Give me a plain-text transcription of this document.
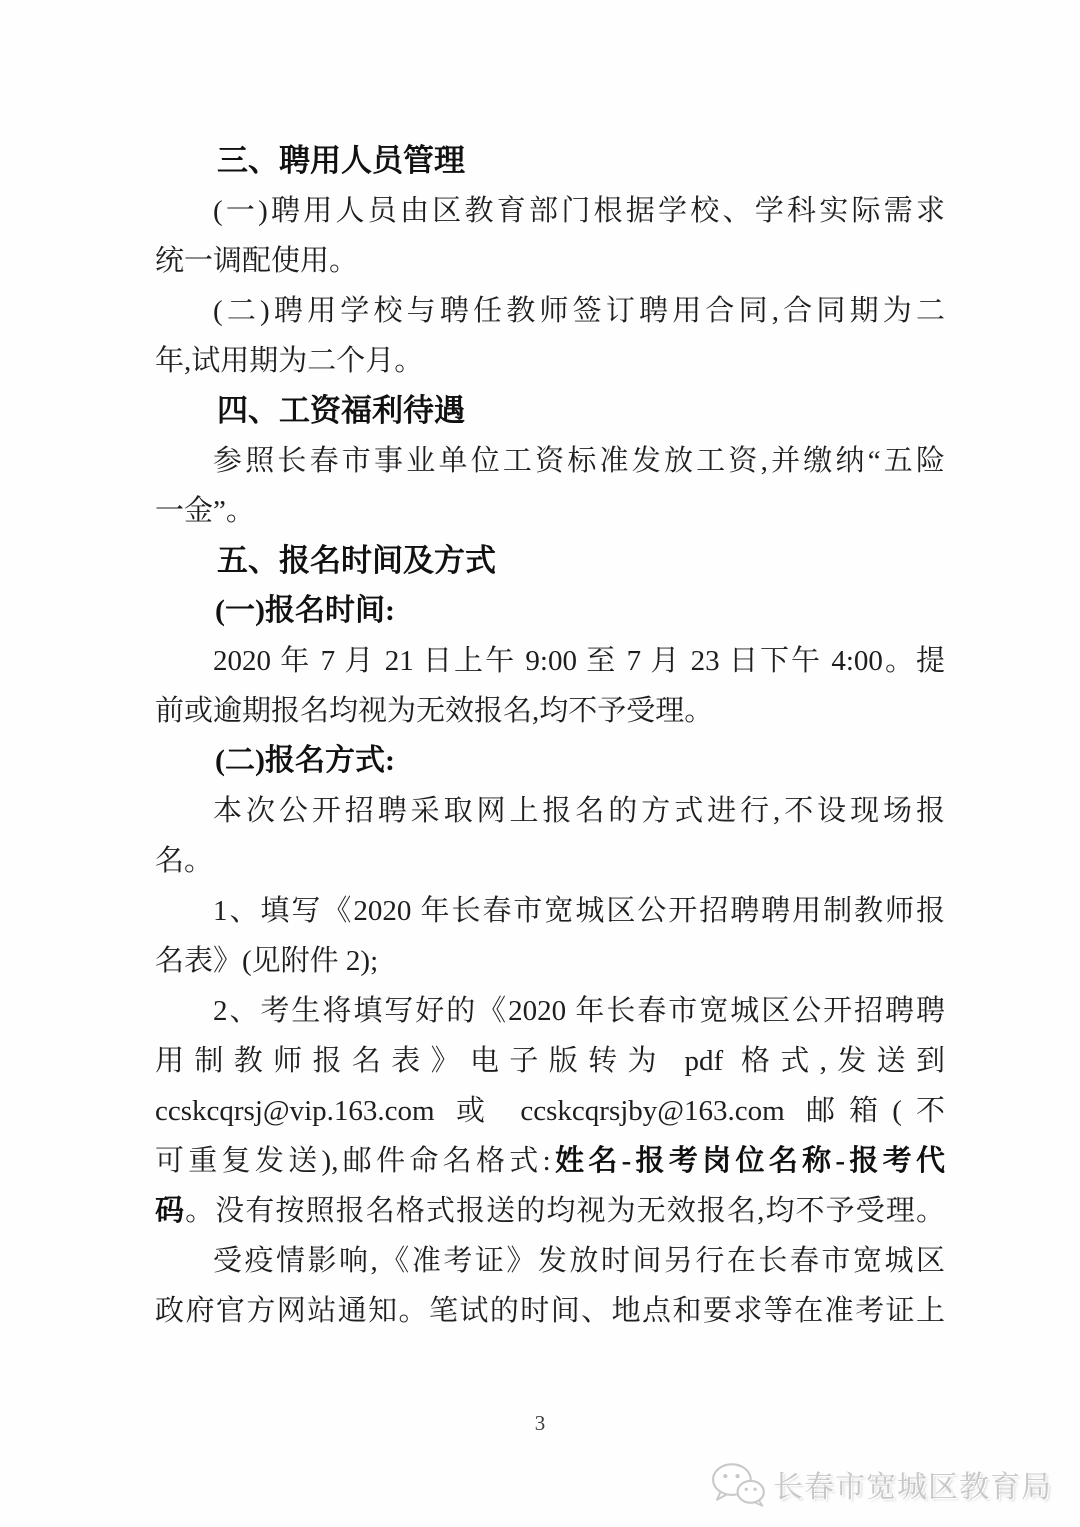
三、聘用人员管理
(一)聘用人员由区教育部门根据学校、学科实际需求
统一调配使用。
(二)聘用学校与聘任教师签订聘用合同,合同期为二
年,试用期为二个月。
四、工资福利待遇
参照长春市事业单位工资标准发放工资,并缴纳“五险
一金”。
五、报名时间及方式
(一)报名时间:
2020 年 7 月 21 日上午 9:00 至 7 月 23 日下午 4:00。提
前或逾期报名均视为无效报名,均不予受理。
(二)报名方式:
本次公开招聘采取网上报名的方式进行,不设现场报
名。
1、填写《2020 年长春市宽城区公开招聘聘用制教师报
名表》(见附件 2);
2、考生将填写好的《2020 年长春市宽城区公开招聘聘
用制教师报名表》电子版转为 pdf 格式,发送到
ccskcqrsj@vip.163.com 或 ccskcqrsjby@163.com 邮箱(不
可重复发送),邮件命名格式:姓名-报考岗位名称-报考代
码。没有按照报名格式报送的均视为无效报名,均不予受理。
受疫情影响,《准考证》发放时间另行在长春市宽城区
政府官方网站通知。笔试的时间、地点和要求等在准考证上
3
长春市宽城区教育局
